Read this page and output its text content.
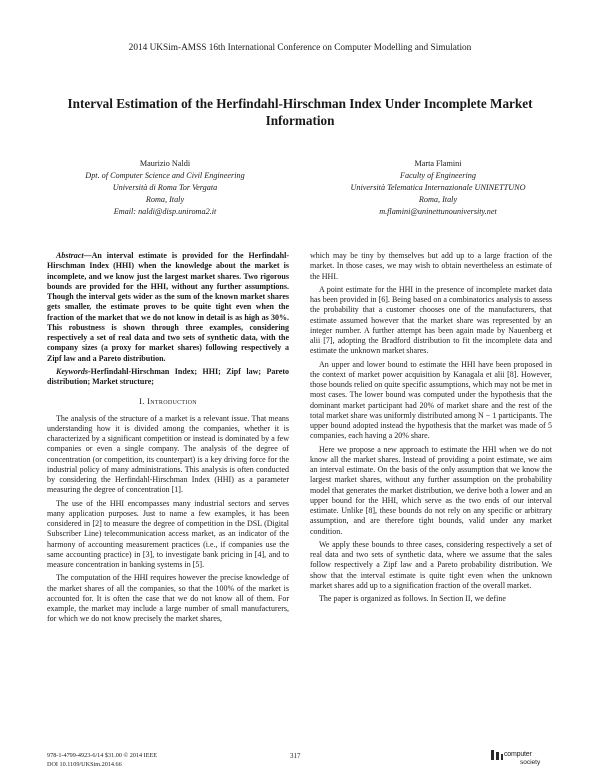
2014 UKSim-AMSS 16th International Conference on Computer Modelling and Simulation
Interval Estimation of the Herfindahl-Hirschman Index Under Incomplete Market Information
Maurizio Naldi
Dpt. of Computer Science and Civil Engineering
Università di Roma Tor Vergata
Roma, Italy
Email: naldi@disp.uniroma2.it
Marta Flamini
Faculty of Engineering
Università Telematica Internazionale UNINETTUNO
Roma, Italy
m.flamini@uninettunouniversity.net

Abstract—An interval estimate is provided for the Herfindahl-Hirschman Index (HHI) when the knowledge about the market is incomplete, and we know just the largest market shares. Two rigorous bounds are provided for the HHI, without any further assumptions. Though the interval gets wider as the sum of the known market shares gets smaller, the estimate proves to be quite tight even when the fraction of the market that we do not know in detail is as high as 30%. This robustness is shown through three examples, considering respectively a set of real data and two sets of synthetic data, with the company sizes (a proxy for market shares) following respectively a Zipf law and a Pareto distribution.

Keywords-Herfindahl-Hirschman Index; HHI; Zipf law; Pareto distribution; Market structure;

I. Introduction

The analysis of the structure of a market is a relevant issue. That means understanding how it is divided among the companies, whether it is characterized by a significant competition or instead is dominated by a few companies or even a single company. The analysis of the degree of concentration (or competition, its counterpart) is a key driving force for the industrial policy of many administrations. This analysis is often conducted by considering the Herfindahl-Hirschman Index (HHI) as a parameter measuring the degree of concentration [1].

The use of the HHI encompasses many industrial sectors and serves many application purposes. Just to name a few examples, it has been considered in [2] to measure the degree of competition in the DSL (Digital Subscriber Line) telecommunication access market, as an indicator of the harmony of accounting measurement practices (i.e., if companies use the same accounting practice) in [3], to investigate bank pricing in [4], and to measure concentration in banking systems in [5].

The computation of the HHI requires however the precise knowledge of the market shares of all the companies, so that the 100% of the market is accounted for. It is often the case that we do not know all of them. For example, the market may include a large number of small manufacturers, for which we do not know precisely the market shares,

which may be tiny by themselves but add up to a large fraction of the market. In those cases, we may wish to obtain nevertheless an estimate of the HHI.

A point estimate for the HHI in the presence of incomplete market data has been provided in [6]. Being based on a combinatorics analysis to assess the probability that a customer chooses one of the manufacturers, that estimate assumed however that the market share was represented by an integer number. A further attempt has been again made by Nauenberg et alii [7], adopting the Bradford distribution to fit the incomplete data and estimate the unknown market shares.

An upper and lower bound to estimate the HHI have been proposed in the context of market power acquisition by Kanagala et alii [8]. However, those bounds relied on quite specific assumptions, which may not be met in most cases. The lower bound was computed under the hypothesis that the dominant market participant had 20% of market share and the rest of the total market share was uniformly distributed among N − 1 participants. The upper bound adopted instead the hypothesis that the market was made of 5 companies, each having a 20% share.

Here we propose a new approach to estimate the HHI when we do not know all the market shares. Instead of providing a point estimate, we aim an interval estimate. On the basis of the only assumption that we know the largest market shares, without any further assumption on the probability model that generates the market distribution, we derive both a lower and an upper bound for the HHI, which serve as the two ends of our interval estimate. Unlike [8], these bounds do not rely on any specific or arbitrary assumption, and are therefore tight bounds, valid under any market condition.

We apply these bounds to three cases, considering respectively a set of real data and two sets of synthetic data, where we assume that the sales follow respectively a Zipf law and a Pareto probability distribution. We show that the interval estimate is quite tight even when the unknown market shares add up to a signification fraction of the overall market.

The paper is organized as follows. In Section II, we define

978-1-4799-4923-6/14 $31.00 © 2014 IEEE
DOI 10.1109/UKSim.2014.66
317	computer
society
